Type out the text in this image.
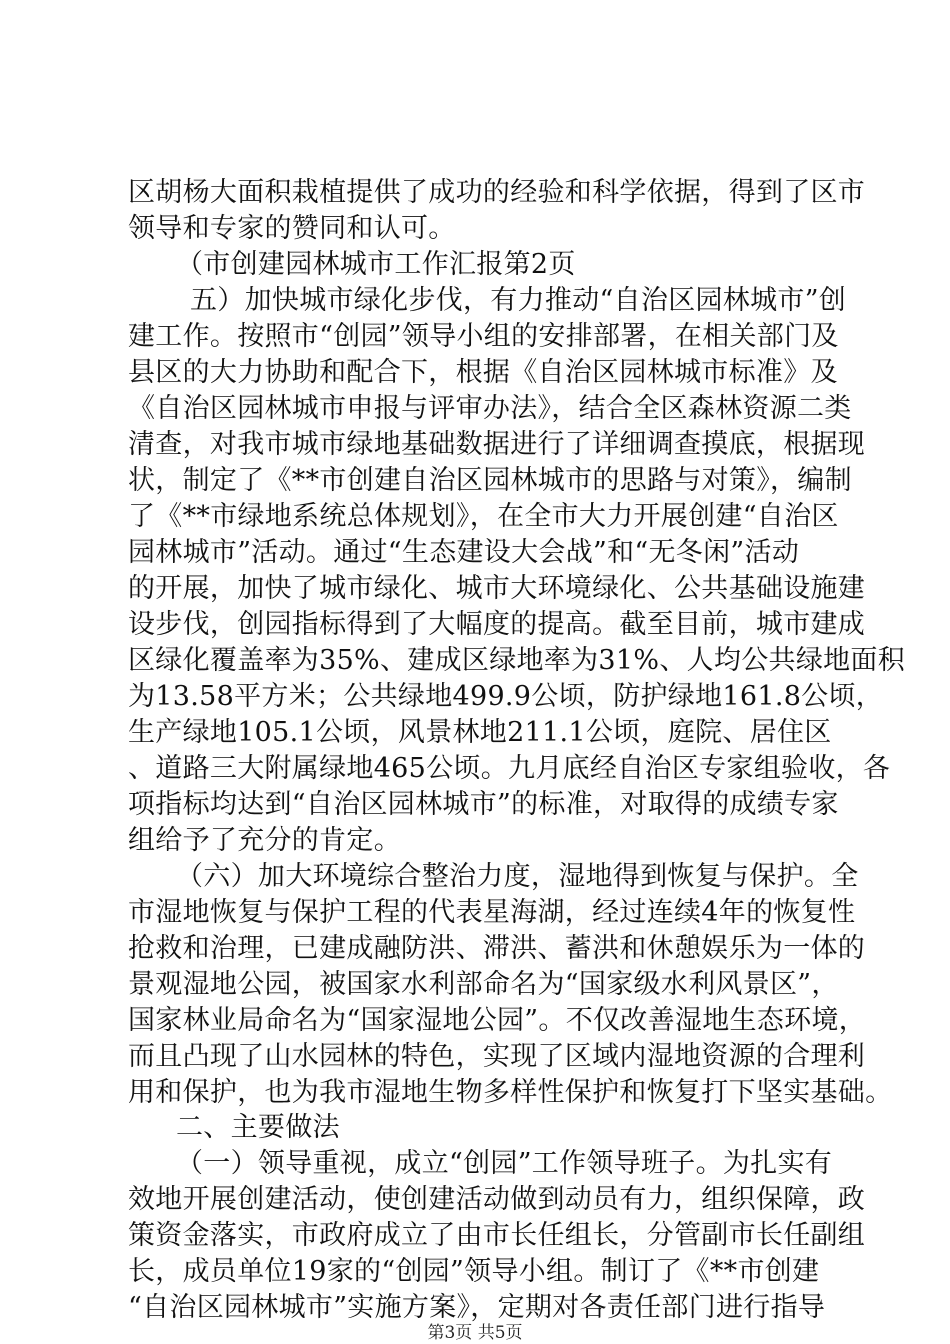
区胡杨大面积栽植提供了成功的经验和科学依据，得到了区市
领导和专家的赞同和认可。
（市创建园林城市工作汇报第2页
五）加快城市绿化步伐，有力推动“自治区园林城市”创
建工作。按照市“创园”领导小组的安排部署，在相关部门及
县区的大力协助和配合下，根据《自治区园林城市标准》及
《自治区园林城市申报与评审办法》，结合全区森林资源二类
清查，对我市城市绿地基础数据进行了详细调查摸底，根据现
状，制定了《**市创建自治区园林城市的思路与对策》，编制
了《**市绿地系统总体规划》，在全市大力开展创建“自治区
园林城市”活动。通过“生态建设大会战”和“无冬闲”活动
的开展，加快了城市绿化、城市大环境绿化、公共基础设施建
设步伐，创园指标得到了大幅度的提高。截至目前，城市建成
区绿化覆盖率为35%、建成区绿地率为31%、人均公共绿地面积
为13.58平方米；公共绿地499.9公顷，防护绿地161.8公顷，
生产绿地105.1公顷，风景林地211.1公顷，庭院、居住区
、道路三大附属绿地465公顷。九月底经自治区专家组验收，各
项指标均达到“自治区园林城市”的标准，对取得的成绩专家
组给予了充分的肯定。
（六）加大环境综合整治力度，湿地得到恢复与保护。全
市湿地恢复与保护工程的代表星海湖，经过连续4年的恢复性
抢救和治理，已建成融防洪、滞洪、蓄洪和休憩娱乐为一体的
景观湿地公园，被国家水利部命名为“国家级水利风景区”，
国家林业局命名为“国家湿地公园”。不仅改善湿地生态环境，
而且凸现了山水园林的特色，实现了区域内湿地资源的合理利
用和保护，也为我市湿地生物多样性保护和恢复打下坚实基础。
二、主要做法
（一）领导重视，成立“创园”工作领导班子。为扎实有
效地开展创建活动，使创建活动做到动员有力，组织保障，政
第3页 共5页
策资金落实，市政府成立了由市长任组长，分管副市长任副组
长，成员单位19家的“创园”领导小组。制订了《**市创建
“自治区园林城市”实施方案》，定期对各责任部门进行指导
